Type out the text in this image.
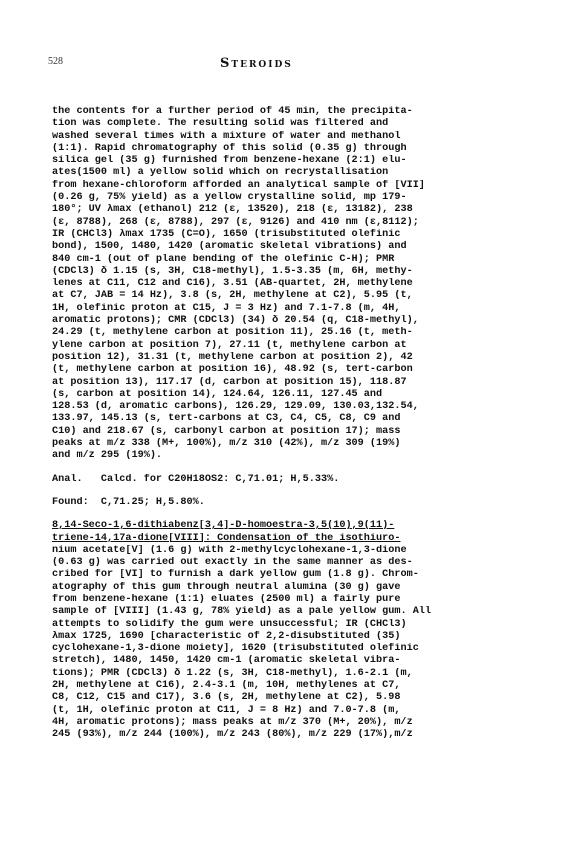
528	Steroids
the contents for a further period of 45 min, the precipita-
tion was complete. The resulting solid was filtered and
washed several times with a mixture of water and methanol
(1:1). Rapid chromatography of this solid (0.35 g) through
silica gel (35 g) furnished from benzene-hexane (2:1) elu-
ates(1500 ml) a yellow solid which on recrystallisation
from hexane-chloroform afforded an analytical sample of [VII]
(0.26 g, 75% yield) as a yellow crystalline solid, mp 179-
180°; UV λmax (ethanol) 212 (ε, 13520), 218 (ε, 13182), 238
(ε, 8788), 268 (ε, 8788), 297 (ε, 9126) and 410 nm (ε,8112);
IR (CHCl3) λmax 1735 (C=O), 1650 (trisubstituted olefinic
bond), 1500, 1480, 1420 (aromatic skeletal vibrations) and
840 cm-1 (out of plane bending of the olefinic C-H); PMR
(CDCl3) δ 1.15 (s, 3H, C18-methyl), 1.5-3.35 (m, 6H, methy-
lenes at C11, C12 and C16), 3.51 (AB-quartet, 2H, methylene
at C7, JAB = 14 Hz), 3.8 (s, 2H, methylene at C2), 5.95 (t,
1H, olefinic proton at C15, J = 3 Hz) and 7.1-7.8 (m, 4H,
aromatic protons); CMR (CDCl3) (34) δ 20.54 (q, C18-methyl),
24.29 (t, methylene carbon at position 11), 25.16 (t, meth-
ylene carbon at position 7), 27.11 (t, methylene carbon at
position 12), 31.31 (t, methylene carbon at position 2), 42
(t, methylene carbon at position 16), 48.92 (s, tert-carbon
at position 13), 117.17 (d, carbon at position 15), 118.87
(s, carbon at position 14), 124.64, 126.11, 127.45 and
128.53 (d, aromatic carbons), 126.29, 129.09, 130.03,132.54,
133.97, 145.13 (s, tert-carbons at C3, C4, C5, C8, C9 and
C10) and 218.67 (s, carbonyl carbon at position 17); mass
peaks at m/z 338 (M+, 100%), m/z 310 (42%), m/z 309 (19%)
and m/z 295 (19%).
Anal.   Calcd. for C20H18OS2: C,71.01; H,5.33%.
Found:  C,71.25; H,5.80%.
8,14-Seco-1,6-dithiabenz[3,4]-D-homoestra-3,5(10),9(11)-
triene-14,17a-dione[VIII]: Condensation of the isothiuro-
nium acetate[V] (1.6 g) with 2-methylcyclohexane-1,3-dione
(0.63 g) was carried out exactly in the same manner as des-
cribed for [VI] to furnish a dark yellow gum (1.8 g). Chrom-
atography of this gum through neutral alumina (30 g) gave
from benzene-hexane (1:1) eluates (2500 ml) a fairly pure
sample of [VIII] (1.43 g, 78% yield) as a pale yellow gum. All
attempts to solidify the gum were unsuccessful; IR (CHCl3)
λmax 1725, 1690 [characteristic of 2,2-disubstituted (35)
cyclohexane-1,3-dione moiety], 1620 (trisubstituted olefinic
stretch), 1480, 1450, 1420 cm-1 (aromatic skeletal vibra-
tions); PMR (CDCl3) δ 1.22 (s, 3H, C18-methyl), 1.6-2.1 (m,
2H, methylene at C16), 2.4-3.1 (m, 10H, methylenes at C7,
C8, C12, C15 and C17), 3.6 (s, 2H, methylene at C2), 5.98
(t, 1H, olefinic proton at C11, J = 8 Hz) and 7.0-7.8 (m,
4H, aromatic protons); mass peaks at m/z 370 (M+, 20%), m/z
245 (93%), m/z 244 (100%), m/z 243 (80%), m/z 229 (17%),m/z
